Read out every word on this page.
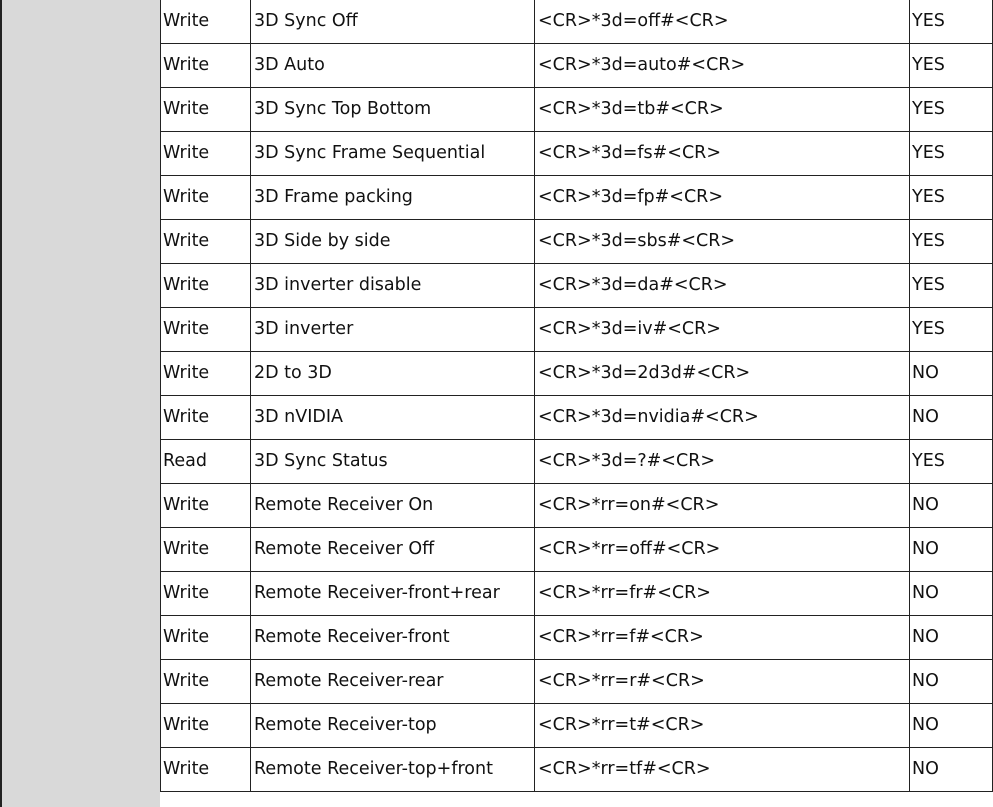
Write	3D Sync Off	<CR>*3d=off#<CR>	YES
Write	3D Auto	<CR>*3d=auto#<CR>	YES
Write	3D Sync Top Bottom	<CR>*3d=tb#<CR>	YES
Write	3D Sync Frame Sequential	<CR>*3d=fs#<CR>	YES
Write	3D Frame packing	<CR>*3d=fp#<CR>	YES
Write	3D Side by side	<CR>*3d=sbs#<CR>	YES
Write	3D inverter disable	<CR>*3d=da#<CR>	YES
Write	3D inverter	<CR>*3d=iv#<CR>	YES
Write	2D to 3D	<CR>*3d=2d3d#<CR>	NO
Write	3D nVIDIA	<CR>*3d=nvidia#<CR>	NO
Read	3D Sync Status	<CR>*3d=?#<CR>	YES
Write	Remote Receiver On	<CR>*rr=on#<CR>	NO
Write	Remote Receiver Off	<CR>*rr=off#<CR>	NO
Write	Remote Receiver-front+rear	<CR>*rr=fr#<CR>	NO
Write	Remote Receiver-front	<CR>*rr=f#<CR>	NO
Write	Remote Receiver-rear	<CR>*rr=r#<CR>	NO
Write	Remote Receiver-top	<CR>*rr=t#<CR>	NO
Write	Remote Receiver-top+front	<CR>*rr=tf#<CR>	NO
